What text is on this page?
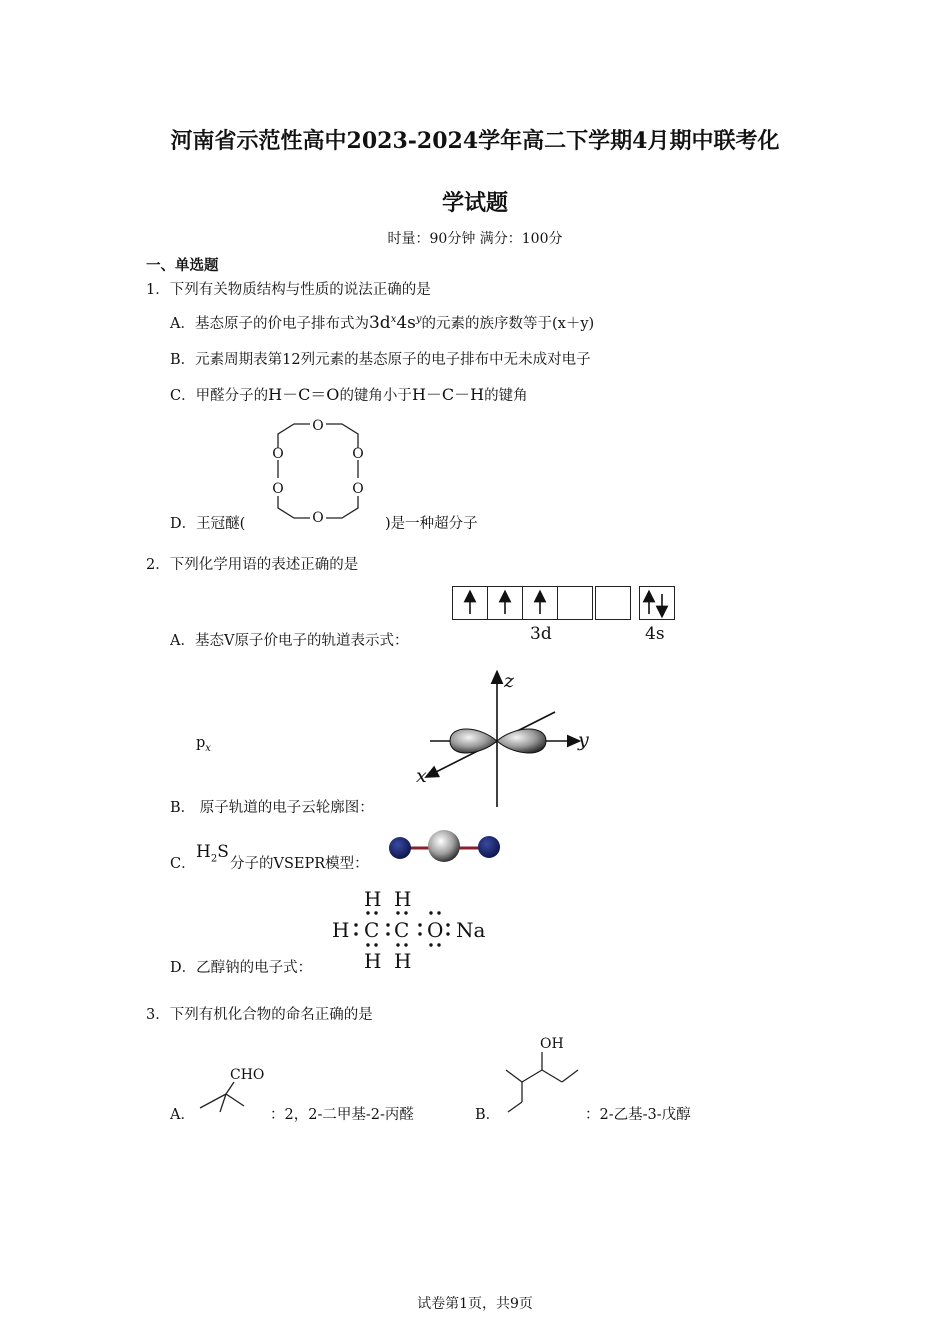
河南省示范性高中2023-2024学年高二下学期4月期中联考化
学试题
时量：90分钟 满分：100分
一、单选题
1．下列有关物质结构与性质的说法正确的是
A．基态原子的价电子排布式为$3d^x4s^y$的元素的族序数等于(x＋y)
B．元素周期表第12列元素的基态原子的电子排布中无未成对电子
C．甲醛分子的H－C＝O的键角小于H－C－H的键角
O
O	O
O	O
O
D．王冠醚(	)是一种超分子
2．下列化学用语的表述正确的是
3d	4s
A．基态V原子价电子的轨道表示式：
$p_x$
z
y
x
B． 原子轨道的电子云轮廓图：
C．
$H_2S$
分子的VSEPR模型：
H H
H C C O Na
H H
D．乙醇钠的电子式：
3．下列有机化合物的命名正确的是
CHO
A．	：2，2-二甲基-2-丙醛
OH
B．	：2-乙基-3-戊醇
试卷第1页，共9页
